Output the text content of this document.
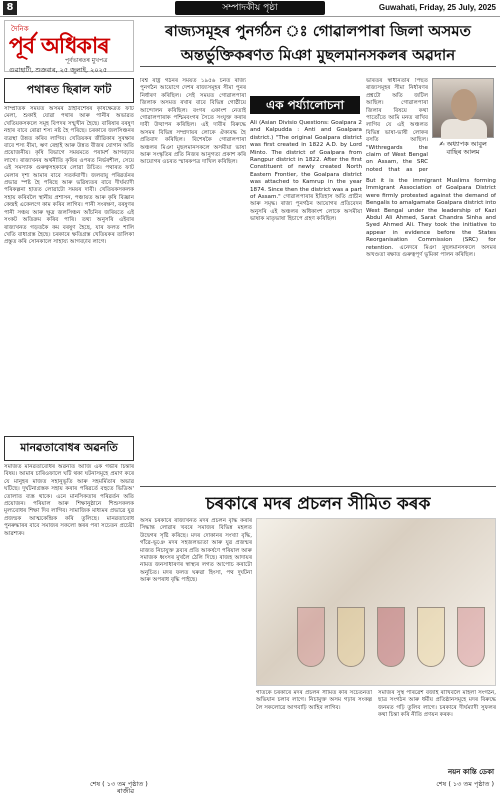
8	সম্পাদকীয় পৃষ্ঠা	Guwahati, Friday, 25 July, 2025
দৈনিক
পূৰ্ব অধিকাৰ
পূৰ্বভাৰতৰ মুখপত্ৰ
গুৱাহাটী, শুক্ৰবাৰ, ২৫ জুলাই, ২০২৫
ৰাজ্যসমূহৰ পুনৰ্গঠন ঃ গোৱালপাৰা জিলা অসমত
অন্তৰ্ভুক্তিকৰণত মিঞা মুছলমানসকলৰ অৱদান
পথাৰত ছিৰাল ফাট
সাম্প্ৰতিক সময়ত অসমৰ ঠাইবিশেষৰ কৃষিক্ষেত্ৰত ফাট মেলা, শুকাই যোৱা পথাৰ আৰু পানীৰ অভাৱত খেতিয়কসকলে সমূহ বিপদৰ সন্মুখীন হৈছে। বাৰিষাৰ বৰষুণ নহাৰ বাবে ৰোৱা শস্য নষ্ট হৈ পৰিছে। চৰকাৰে জলসিঞ্চনৰ ব্যৱস্থা উন্নত কৰিব লাগিব। খেতিয়কৰ জীৱিকাৰ সুৰক্ষাৰ বাবে শস্য বীমা, ঋণ ৰেহাই আৰু উন্নত বীজৰ যোগান অতি প্ৰয়োজনীয়। কৃষি বিভাগে সময়মতে পৰামৰ্শ আগবঢ়াব লাগে। ৰাজ্যখনৰ অৰ্থনীতি কৃষিৰ ওপৰত নিৰ্ভৰশীল, সেয়ে এই সমস্যাক গুৰুত্বসহকাৰে লোৱা উচিত। পথাৰত ফাট মেলাৰ দৃশ্য আমাৰ বাবে সতৰ্কবাণী। জলবায়ু পৰিৱৰ্তনৰ প্ৰভাৱ স্পষ্ট হৈ পৰিছে আৰু ভৱিষ্যতৰ বাবে দীৰ্ঘম্যাদী পৰিকল্পনা হাতত লোৱাটো সময়ৰ দাবী। খেতিয়কসকলক সহায় কৰিবলৈ স্থানীয় প্ৰশাসন, পঞ্চায়ত আৰু কৃষি বিজ্ঞান কেন্দ্ৰই একেলগে কাম কৰিব লাগিব। পানী সংৰক্ষণ, বৰষুণৰ পানী সঞ্চয় আৰু ক্ষুদ্ৰ জলসিঞ্চন আঁচনিৰ জৰিয়তে এই সংকট অতিক্ৰম কৰিব পাৰি। তথ্য অনুসৰি এইবাৰ ৰাজ্যখনত গড়তকৈ কম বৰষুণ হৈছে, যাৰ ফলত শালি খেতি বাধাগ্ৰস্ত হৈছে। চৰকাৰে ক্ষতিগ্ৰস্ত খেতিয়কৰ তালিকা প্ৰস্তুত কৰি সোনকালে সাহায্য আগবঢ়াব লাগে।
মানৱতাবোধৰ অৱনতি
সমাজত মানৱতাবোধৰ অৱনতি আজি এক গভীৰ চিন্তাৰ বিষয়। আমাৰ চাৰিওফালে ঘটি থকা ঘটনাসমূহে প্ৰমাণ কৰে যে মানুহৰ মাজত সহানুভূতি আৰু সহমৰ্মিতাৰ অভাৱ ঘটিছে। দুৰ্ঘটনাগ্ৰস্তক সহায় কৰাৰ পৰিৱৰ্তে বহুতে ভিডিঅ' তোলাত ব্যস্ত থাকে। এনে মানসিকতাৰ পৰিৱৰ্তন অতি প্ৰয়োজন। পৰিয়াল আৰু শিক্ষানুষ্ঠানে শিশুসকলক মূল্যবোধৰ শিক্ষা দিব লাগিব। সামাজিক মাধ্যমৰ প্ৰভাৱে যুৱ প্ৰজন্মক আত্মকেন্দ্ৰিক কৰি তুলিছে। মানৱতাবোধ পুনৰুদ্ধাৰৰ বাবে সমাজৰ সকলো স্তৰৰ পৰা সচেতন প্ৰচেষ্টা আৱশ্যক।
ৰাজীৱ
এক পৰ্য্যালোচনা
বিশ্ব ৰাষ্ট্ৰ গঠনৰ সময়ত ১৯৫৬ চনত ৰাজ্য পুনৰ্গঠন আয়োগে দেশৰ ৰাজ্যসমূহৰ সীমা পুনৰ নিৰ্ধাৰণ কৰিছিল। সেই সময়ত গোৱালপাৰা জিলাক অসমত ৰখাৰ বাবে বিভিন্ন গোষ্ঠীয়ে আন্দোলন কৰিছিল। বংগৰ একাংশ নেতাই গোৱালপাৰাক পশ্চিমবংগৰ সৈতে সংযুক্ত কৰাৰ দাবী উত্থাপন কৰিছিল। এই দাবীৰ বিৰুদ্ধে অসমৰ বিভিন্ন সম্প্ৰদায়ৰ লোকে ঐক্যবদ্ধ হৈ প্ৰতিবাদ কৰিছিল। বিশেষকৈ গোৱালপাৰা অঞ্চলৰ মিঞা মুছলমানসকলে অসমীয়া ভাষা আৰু সংস্কৃতিৰ প্ৰতি নিজৰ আনুগত্য প্ৰকাশ কৰি আয়োগৰ ওচৰত স্মাৰকপত্ৰ দাখিল কৰিছিল।
Ali (Asian Divisio Questions: Goalpara 2 and Kalpudda : Anti and Goalpara district.) "The original Goalpara district was first created in 1822 A.D. by Lord Minto. The district of Goalpara from Rangpur district in 1822. After the first Constituent of newly created North Eastern Frontier, the Goalpara district was attached to Kamrup in the year 1874. Since then the district was a part of Assam." গোৱালপাৰাৰ ইতিহাস অতি প্ৰাচীন আৰু সমৃদ্ধ। ৰাজ্য পুনৰ্গঠন আয়োগৰ প্ৰতিবেদন অনুসৰি এই অঞ্চলৰ অধিকাংশ লোকে অসমীয়া ভাষাক মাতৃভাষা হিচাপে গ্ৰহণ কৰিছিল।
But it is the immigrant Muslims forming Immigrant Association of Goalpara District were firmly protested against the demand of Bengalis to amalgamate Goalpara district into West Bengal under the leadership of Kazi Abdul Ali Ahmed, Sarat Chandra Sinha and Syed Ahmed Ali. They took the initiative to appear in evidence before the States Reorganisation Commission (SRC) for retention. এনেদৰে মিঞা মুছলমানসকলে অসমৰ অখণ্ডতা ৰক্ষাত গুৰুত্বপূৰ্ণ ভূমিকা পালন কৰিছিল।
✍ অধ্যাপক আবুল বাছিৰ আলম
ভাৰতৰ স্বাধীনতাৰ পিছত ৰাজ্যসমূহৰ সীমা নিৰ্ধাৰণৰ প্ৰশ্নটো অতি জটিল আছিল। গোৱালপাৰা জিলাৰ বিষয়ে কথা পাতোঁতে আমি মনত ৰাখিব লাগিব যে এই অঞ্চলত বিভিন্ন ভাষা-ভাষী লোকৰ বসতি আছিল। "Withregards the claim of West Bengal on Assam, the SRC noted that as per
চৰকাৰে মদৰ প্ৰচলন সীমিত কৰক
অসম চৰকাৰে ৰাজ্যখনত মদৰ প্ৰচলন বৃদ্ধি কৰাৰ সিদ্ধান্ত লোৱাৰ খবৰে সমাজৰ বিভিন্ন মহলত উদ্বেগৰ সৃষ্টি কৰিছে। মদৰ দোকানৰ সংখ্যা বৃদ্ধি, গাঁৱে-ভূঞে মদৰ সহজলভ্যতা আৰু যুৱ প্ৰজন্মৰ মাজত নিচাযুক্ত দ্ৰব্যৰ প্ৰতি আকৰ্ষণে পৰিয়াল আৰু সমাজক ধ্বংসৰ মুখলৈ ঠেলি দিছে। ৰাজহ আদায়ৰ নামত জনসাধাৰণৰ স্বাস্থ্যৰ লগত আপোচ কৰাটো অনুচিত। মদৰ ফলত ঘৰুৱা হিংসা, পথ দুৰ্ঘটনা আৰু অপৰাধ বৃদ্ধি পাইছে।
গতিকে চৰকাৰে মদৰ প্ৰচলন সীমিত কৰি সচেতনতা অভিযান চলাব লাগে। নিচামুক্ত অসম গঢ়াৰ সংকল্প লৈ সকলোৱে আগবাঢ়ি আহিব লাগিব।
সমাজৰ সুস্থ পৰিৱেশ বজাই ৰাখিবলৈ মহিলা সংগঠন, ছাত্ৰ সংগঠন আৰু ধৰ্মীয় প্ৰতিষ্ঠানসমূহে মদৰ বিৰুদ্ধে জনমত গঢ়ি তুলিব লাগে। চৰকাৰে দীৰ্ঘম্যাদী সুফলৰ কথা চিন্তা কৰি নীতি প্ৰণয়ন কৰক।
নয়ন কান্তি ডেকা
শেষ ( ১৩ তম পৃষ্ঠাত )	শেষ ( ১৩ তম পৃষ্ঠাত )
